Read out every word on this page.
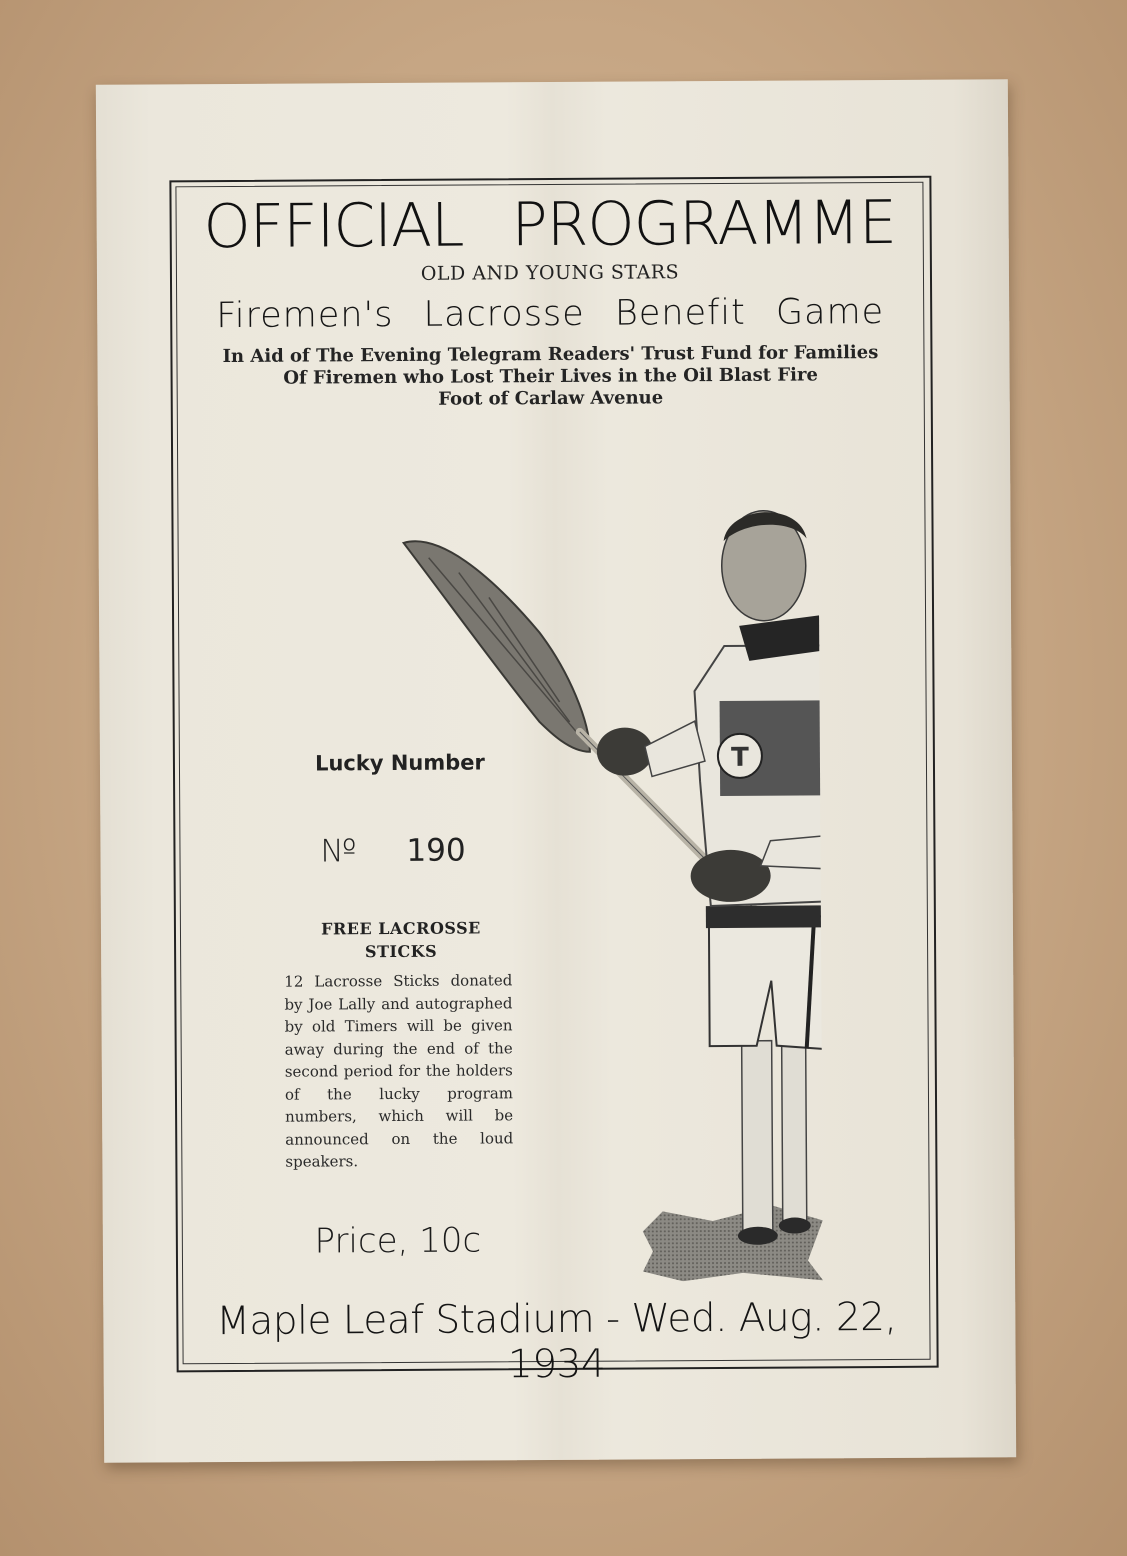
OFFICIAL PROGRAMME
OLD AND YOUNG STARS
Firemen's Lacrosse Benefit Game
In Aid of The Evening Telegram Readers' Trust Fund for Families
Of Firemen who Lost Their Lives in the Oil Blast Fire
Foot of Carlaw Avenue
T
Lucky Number
№ 190
FREE LACROSSE STICKS
12 Lacrosse Sticks donated by Joe Lally and autographed by old Timers will be given away during the end of the second period for the holders of the lucky program numbers, which will be announced on the loud speakers.
Price, 10c
Maple Leaf Stadium - Wed. Aug. 22, 1934
